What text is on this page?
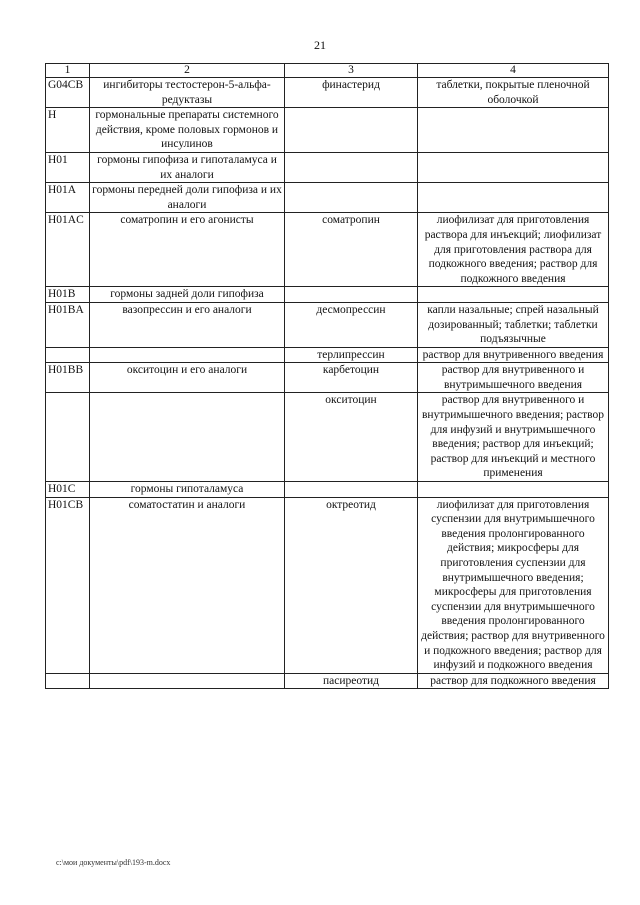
21
1	2	3	4
G04CB	ингибиторы тестостерон-5-альфа-редуктазы	финастерид	таблетки, покрытые пленочной оболочкой
H	гормональные препараты системного действия, кроме половых гормонов и инсулинов		
H01	гормоны гипофиза и гипоталамуса и их аналоги		
H01A	гормоны передней доли гипофиза и их аналоги		
H01AC	соматропин и его агонисты	соматропин	лиофилизат для приготовления раствора для инъекций; лиофилизат для приготовления раствора для подкожного введения; раствор для подкожного введения
H01B	гормоны задней доли гипофиза		
H01BA	вазопрессин и его аналоги	десмопрессин	капли назальные; спрей назальный дозированный; таблетки; таблетки подъязычные
		терлипрессин	раствор для внутривенного введения
H01BB	окситоцин и его аналоги	карбетоцин	раствор для внутривенного и внутримышечного введения
		окситоцин	раствор для внутривенного и внутримышечного введения; раствор для инфузий и внутримышечного введения; раствор для инъекций; раствор для инъекций и местного применения
H01C	гормоны гипоталамуса		
H01CB	соматостатин и аналоги	октреотид	лиофилизат для приготовления суспензии для внутримышечного введения пролонгированного действия; микросферы для приготовления суспензии для внутримышечного введения; микросферы для приготовления суспензии для внутримышечного введения пролонгированного действия; раствор для внутривенного и подкожного введения; раствор для инфузий и подкожного введения
		пасиреотид	раствор для подкожного введения
c:\мои документы\pdf\193-m.docx
